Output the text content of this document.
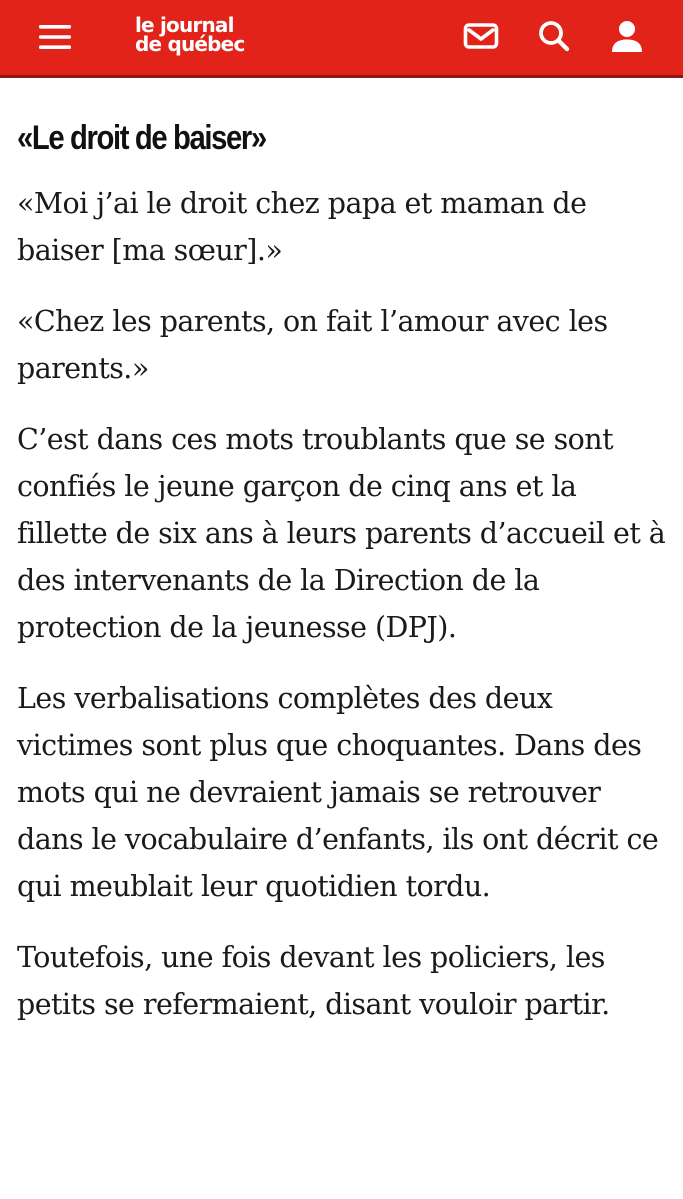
le journal
de québec
«Le droit de baiser»

«Moi j’ai le droit chez papa et maman de baiser [ma sœur].»

«Chez les parents, on fait l’amour avec les parents.»

C’est dans ces mots troublants que se sont confiés le jeune garçon de cinq ans et la fillette de six ans à leurs parents d’accueil et à des intervenants de la Direction de la protection de la jeunesse (DPJ).

Les verbalisations complètes des deux victimes sont plus que choquantes. Dans des mots qui ne devraient jamais se retrouver dans le vocabulaire d’enfants, ils ont décrit ce qui meublait leur quotidien tordu.

Toutefois, une fois devant les policiers, les petits se refermaient, disant vouloir partir.
